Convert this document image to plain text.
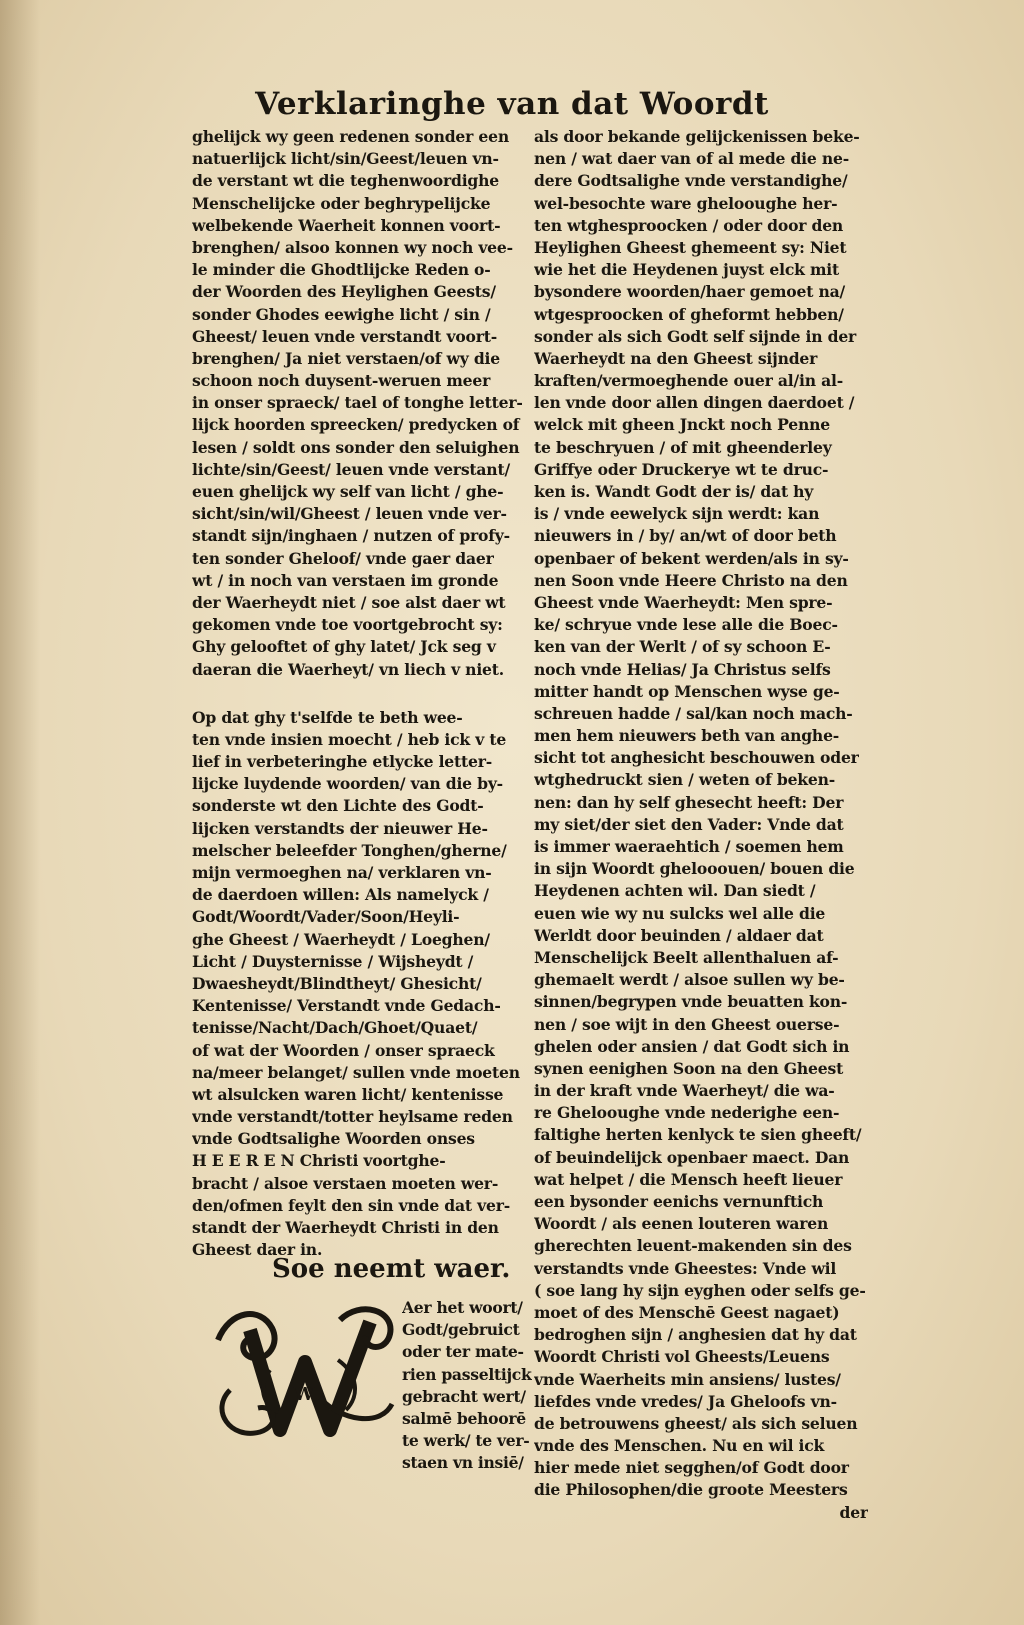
Verklaringhe van dat Woordt
ghelijck wy geen redenen sonder een
natuerlijck licht/sin/Geest/leuen vn-
de verstant wt die teghenwoordighe
Menschelijcke oder beghrypelijcke
welbekende Waerheit konnen voort-
brenghen/ alsoo konnen wy noch vee-
le minder die Ghodtlijcke Reden o-
der Woorden des Heylighen Geests/
sonder Ghodes eewighe licht / sin /
Gheest/ leuen vnde verstandt voort-
brenghen/ Ja niet verstaen/of wy die
schoon noch duysent-weruen meer
in onser spraeck/ tael of tonghe letter-
lijck hoorden spreecken/ predycken of
lesen / soldt ons sonder den seluighen
lichte/sin/Geest/ leuen vnde verstant/
euen ghelijck wy self van licht / ghe-
sicht/sin/wil/Gheest / leuen vnde ver-
standt sijn/inghaen / nutzen of profy-
ten sonder Gheloof/ vnde gaer daer
wt / in noch van verstaen im gronde
der Waerheydt niet / soe alst daer wt
gekomen vnde toe voortgebrocht sy:
Ghy gelooftet of ghy latet/ Jck seg v
daeran die Waerheyt/ vn liech v niet.
Op dat ghy t'selfde te beth wee-
ten vnde insien moecht / heb ick v te
lief in verbeteringhe etlycke letter-
lijcke luydende woorden/ van die by-
sonderste wt den Lichte des Godt-
lijcken verstandts der nieuwer He-
melscher beleefder Tonghen/gherne/
mijn vermoeghen na/ verklaren vn-
de daerdoen willen: Als namelyck /
Godt/Woordt/Vader/Soon/Heyli-
ghe Gheest / Waerheydt / Loeghen/
Licht / Duysternisse / Wijsheydt /
Dwaesheydt/Blindtheyt/ Ghesicht/
Kentenisse/ Verstandt vnde Gedach-
tenisse/Nacht/Dach/Ghoet/Quaet/
of wat der Woorden / onser spraeck
na/meer belanget/ sullen vnde moeten
wt alsulcken waren licht/ kentenisse
vnde verstandt/totter heylsame reden
vnde Godtsalighe Woorden onses
H E E R E N Christi voortghe-
bracht / alsoe verstaen moeten wer-
den/ofmen feylt den sin vnde dat ver-
standt der Waerheydt Christi in den
Gheest daer in.
Soe neemt waer.
W
Aer het woort/
Godt/gebruict
oder ter mate-
rien passeltijck
gebracht wert/
salmē behoorē
te werk/ te ver-
staen vn insiē/
als door bekande gelijckenissen beke-
nen / wat daer van of al mede die ne-
dere Godtsalighe vnde verstandighe/
wel-besochte ware ghelooughe her-
ten wtghesproocken / oder door den
Heylighen Gheest ghemeent sy: Niet
wie het die Heydenen juyst elck mit
bysondere woorden/haer gemoet na/
wtgesproocken of gheformt hebben/
sonder als sich Godt self sijnde in der
Waerheydt na den Gheest sijnder
kraften/vermoeghende ouer al/in al-
len vnde door allen dingen daerdoet /
welck mit gheen Jnckt noch Penne
te beschryuen / of mit gheenderley
Griffye oder Druckerye wt te druc-
ken is. Wandt Godt der is/ dat hy
is / vnde eewelyck sijn werdt: kan
nieuwers in / by/ an/wt of door beth
openbaer of bekent werden/als in sy-
nen Soon vnde Heere Christo na den
Gheest vnde Waerheydt: Men spre-
ke/ schryue vnde lese alle die Boec-
ken van der Werlt / of sy schoon E-
noch vnde Helias/ Ja Christus selfs
mitter handt op Menschen wyse ge-
schreuen hadde / sal/kan noch mach-
men hem nieuwers beth van anghe-
sicht tot anghesicht beschouwen oder
wtghedruckt sien / weten of beken-
nen: dan hy self ghesecht heeft: Der
my siet/der siet den Vader: Vnde dat
is immer waeraehtich / soemen hem
in sijn Woordt ghelooouen/ bouen die
Heydenen achten wil. Dan siedt /
euen wie wy nu sulcks wel alle die
Werldt door beuinden / aldaer dat
Menschelijck Beelt allenthaluen af-
ghemaelt werdt / alsoe sullen wy be-
sinnen/begrypen vnde beuatten kon-
nen / soe wijt in den Gheest ouerse-
ghelen oder ansien / dat Godt sich in
synen eenighen Soon na den Gheest
in der kraft vnde Waerheyt/ die wa-
re Ghelooughe vnde nederighe een-
faltighe herten kenlyck te sien gheeft/
of beuindelijck openbaer maect. Dan
wat helpet / die Mensch heeft lieuer
een bysonder eenichs vernunftich
Woordt / als eenen louteren waren
gherechten leuent-makenden sin des
verstandts vnde Gheestes: Vnde wil
( soe lang hy sijn eyghen oder selfs ge-
moet of des Menschē Geest nagaet)
bedroghen sijn / anghesien dat hy dat
Woordt Christi vol Gheests/Leuens
vnde Waerheits min ansiens/ lustes/
liefdes vnde vredes/ Ja Gheloofs vn-
de betrouwens gheest/ als sich seluen
vnde des Menschen. Nu en wil ick
hier mede niet segghen/of Godt door
die Philosophen/die groote Meesters
der
